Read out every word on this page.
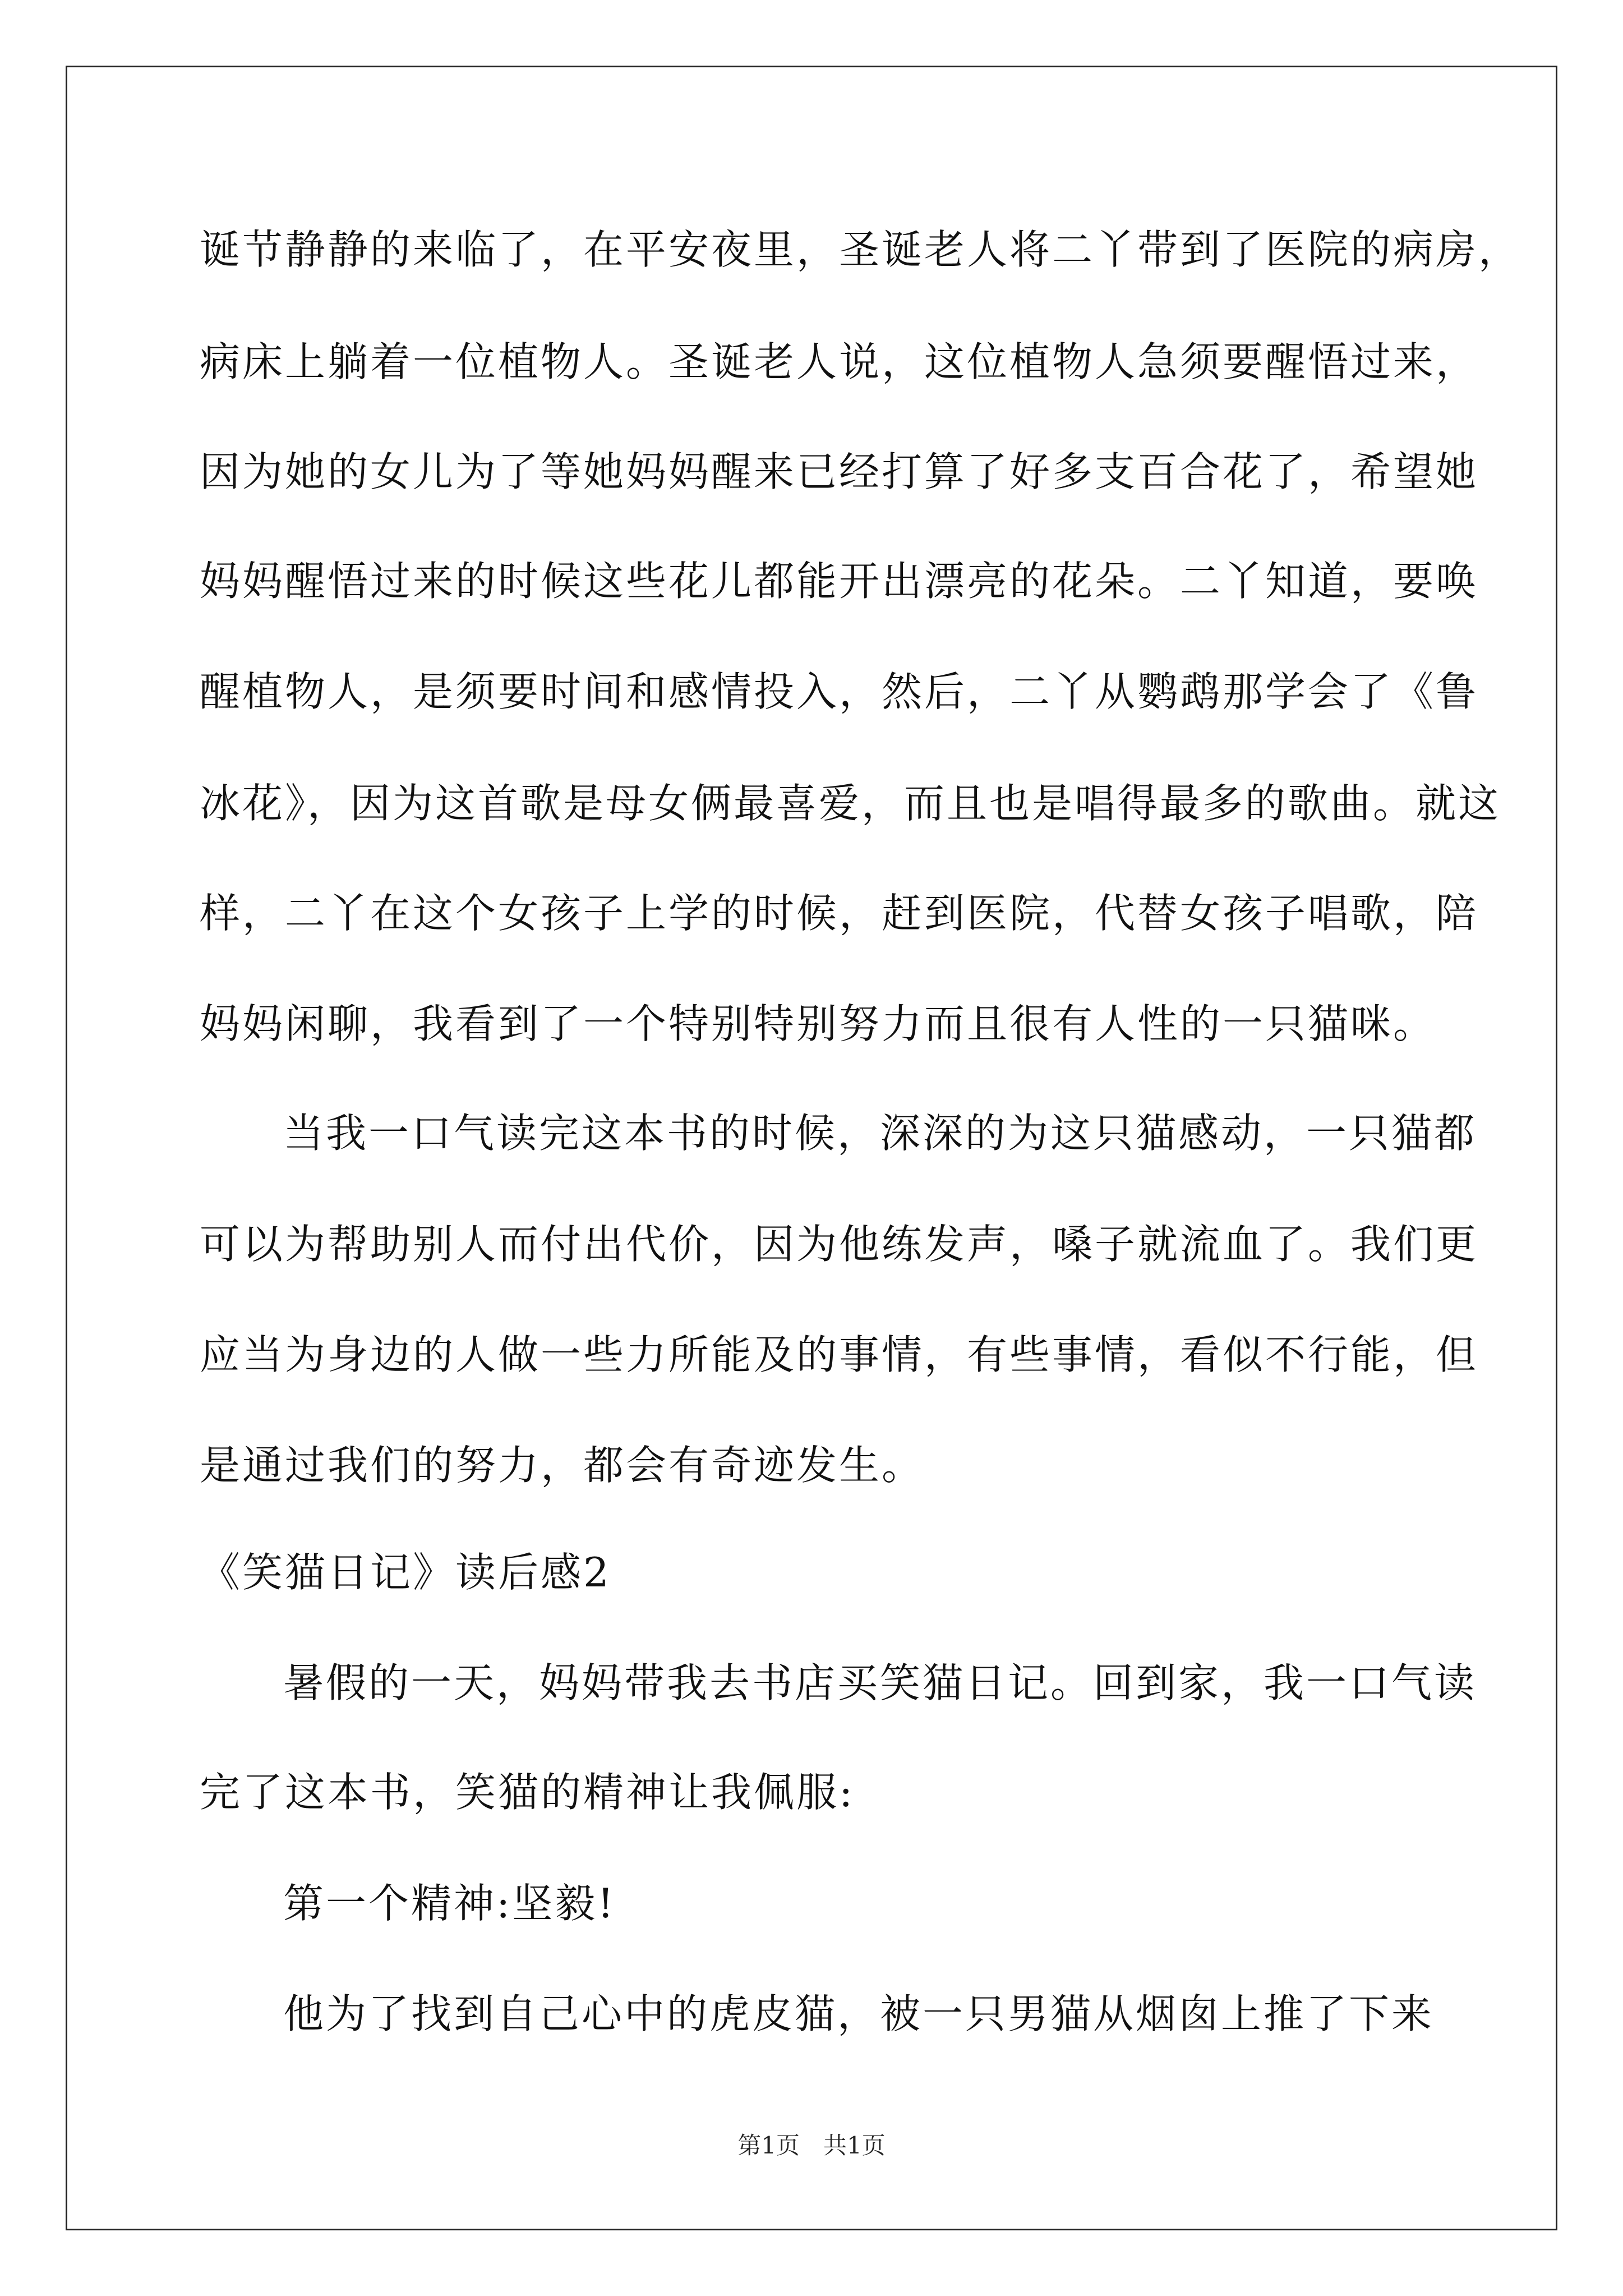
诞节静静的来临了，在平安夜里，圣诞老人将二丫带到了医院的病房，
病床上躺着一位植物人。圣诞老人说，这位植物人急须要醒悟过来，
因为她的女儿为了等她妈妈醒来已经打算了好多支百合花了，希望她
妈妈醒悟过来的时候这些花儿都能开出漂亮的花朵。二丫知道，要唤
醒植物人，是须要时间和感情投入，然后，二丫从鹦鹉那学会了《鲁
冰花》，因为这首歌是母女俩最喜爱，而且也是唱得最多的歌曲。就这
样，二丫在这个女孩子上学的时候，赶到医院，代替女孩子唱歌，陪
妈妈闲聊，我看到了一个特别特别努力而且很有人性的一只猫咪。
当我一口气读完这本书的时候，深深的为这只猫感动，一只猫都
可以为帮助别人而付出代价，因为他练发声，嗓子就流血了。我们更
应当为身边的人做一些力所能及的事情，有些事情，看似不行能，但
是通过我们的努力，都会有奇迹发生。
《笑猫日记》读后感2
暑假的一天，妈妈带我去书店买笑猫日记。回到家，我一口气读
完了这本书，笑猫的精神让我佩服:
第一个精神:坚毅!
他为了找到自己心中的虎皮猫，被一只男猫从烟囱上推了下来
第1页　共1页
